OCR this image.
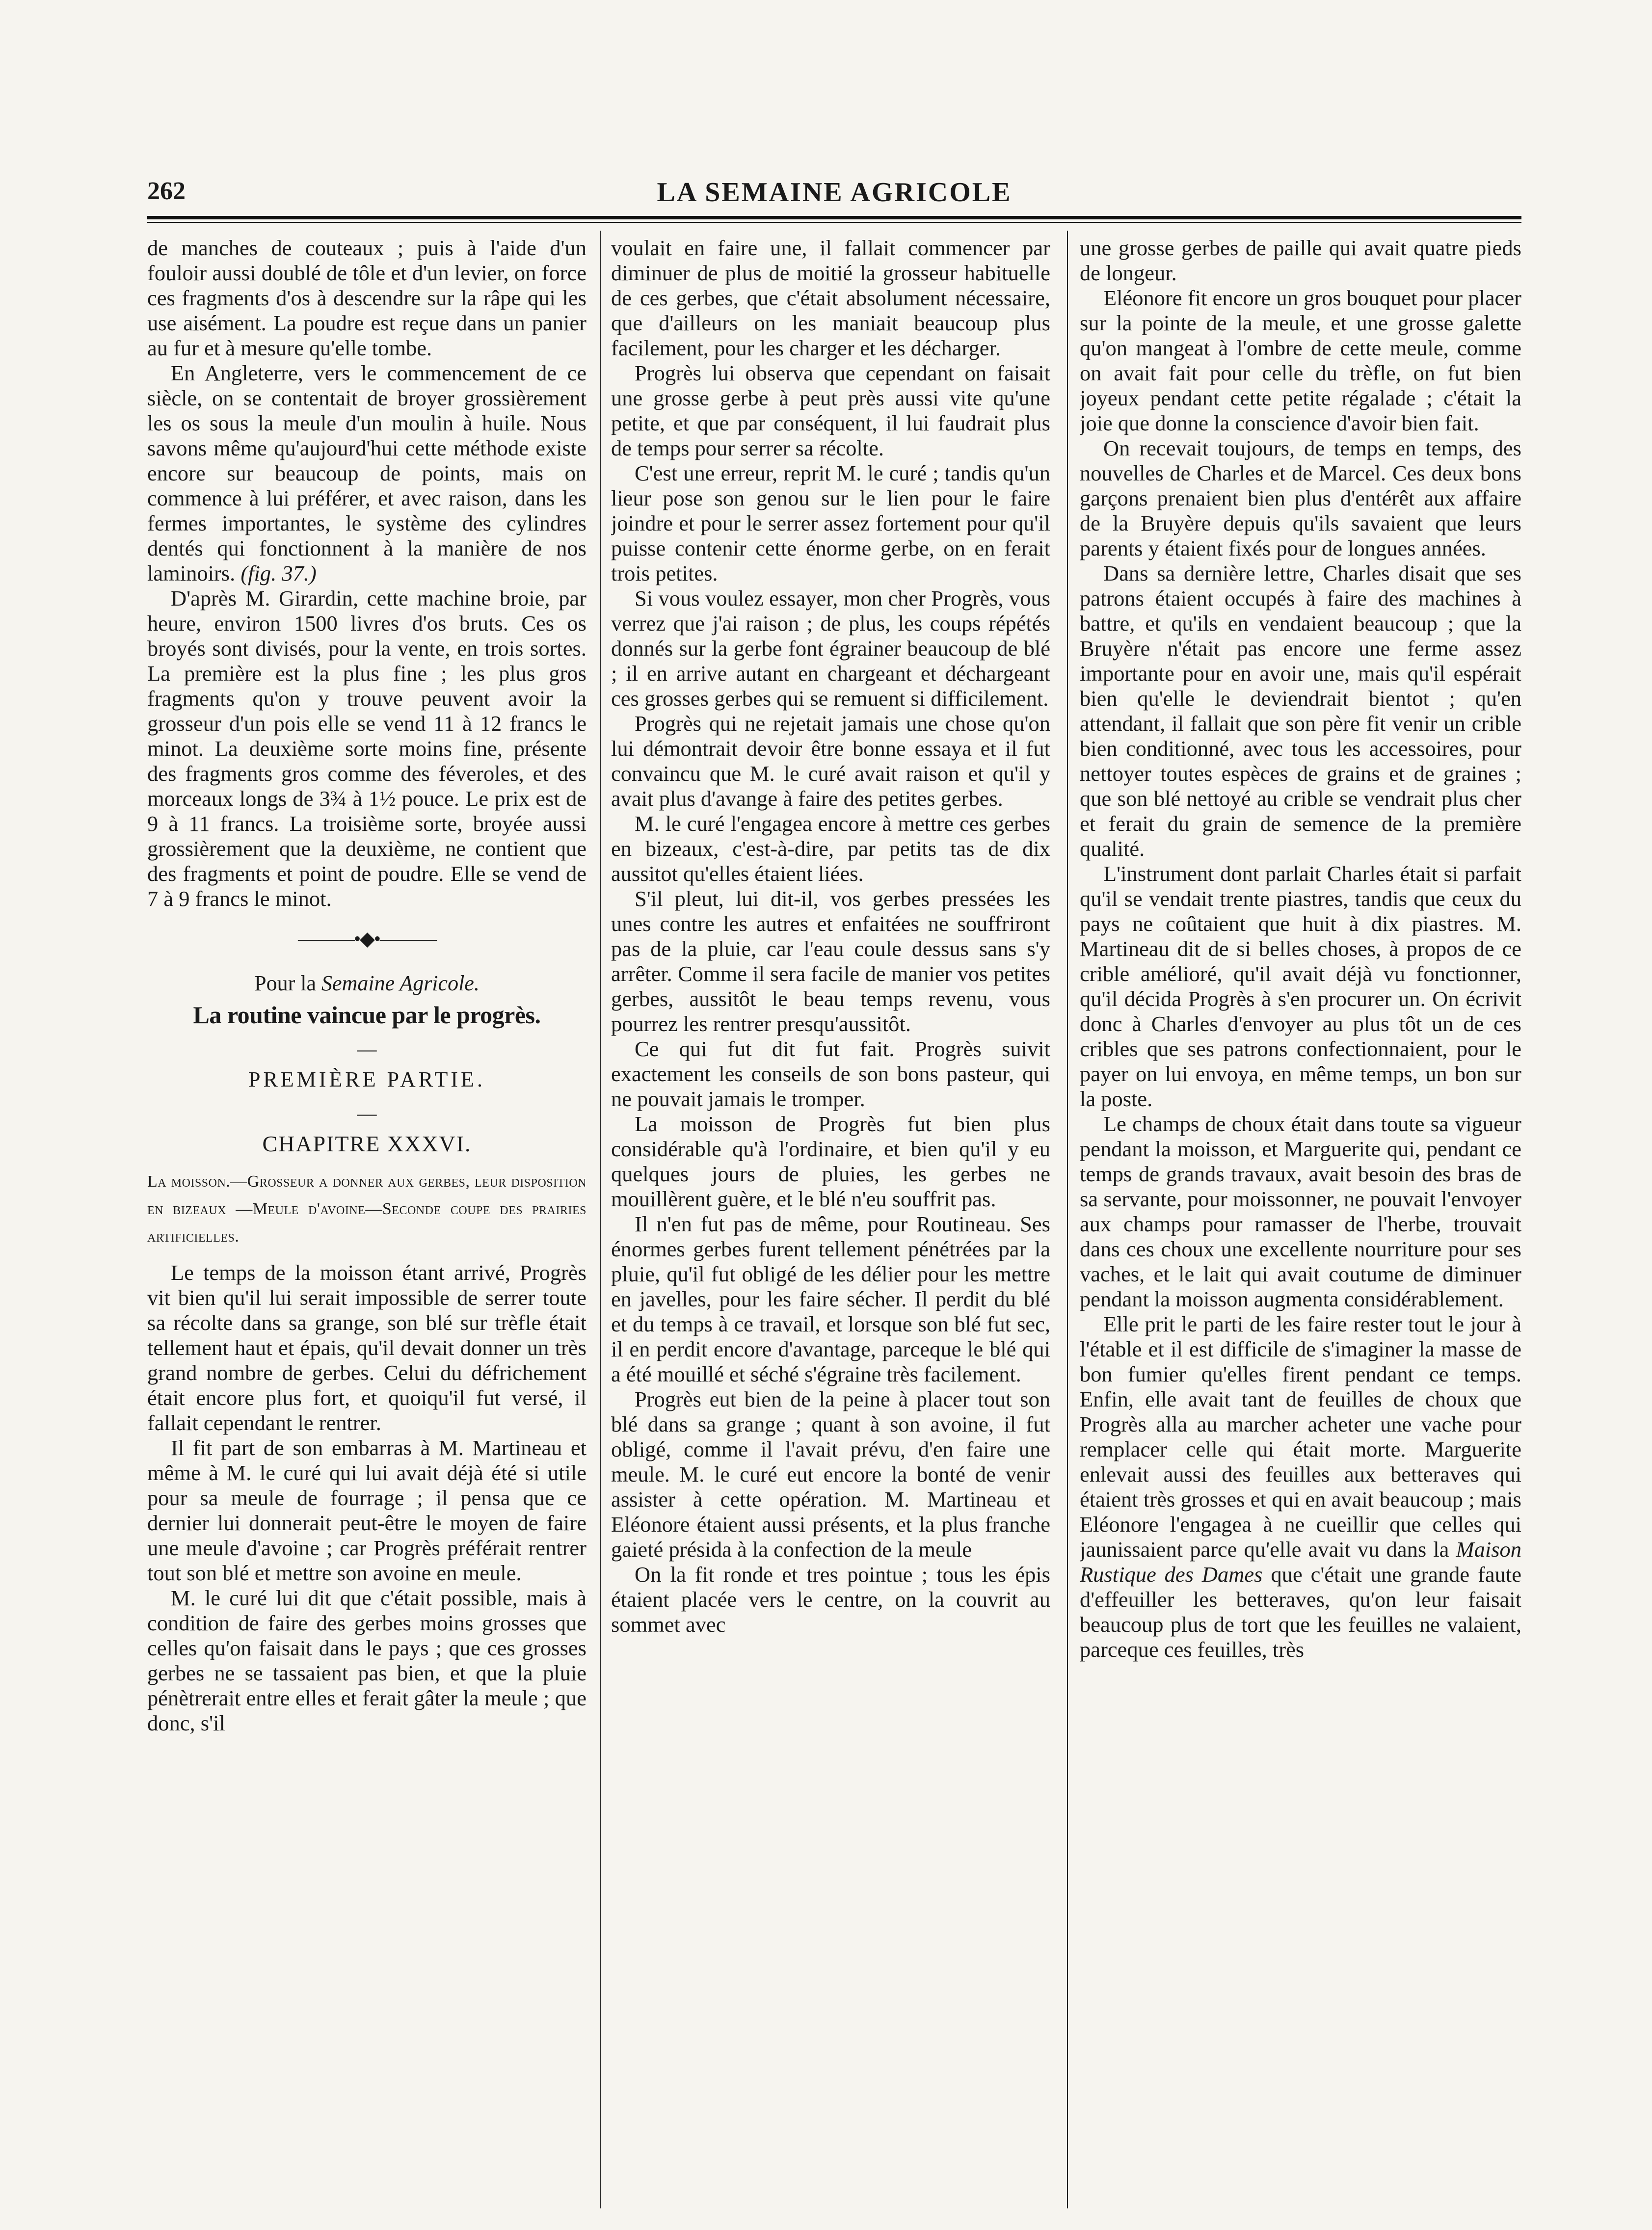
LA SEMAINE AGRICOLE
262

de manches de couteaux ; puis à l'aide d'un fouloir aussi doublé de tôle et d'un levier, on force ces fragments d'os à descendre sur la râpe qui les use aisément. La poudre est reçue dans un panier au fur et à mesure qu'elle tombe.

En Angleterre, vers le commencement de ce siècle, on se contentait de broyer grossièrement les os sous la meule d'un moulin à huile. Nous savons même qu'aujourd'hui cette méthode existe encore sur beaucoup de points, mais on commence à lui préférer, et avec raison, dans les fermes importantes, le système des cylindres dentés qui fonctionnent à la manière de nos laminoirs. (fig. 37.)

D'après M. Girardin, cette machine broie, par heure, environ 1500 livres d'os bruts. Ces os broyés sont divisés, pour la vente, en trois sortes. La première est la plus fine ; les plus gros fragments qu'on y trouve peuvent avoir la grosseur d'un pois elle se vend 11 à 12 francs le minot. La deuxième sorte moins fine, présente des fragments gros comme des féveroles, et des morceaux longs de 3¾ à 1½ pouce. Le prix est de 9 à 11 francs. La troisième sorte, broyée aussi grossièrement que la deuxième, ne contient que des fragments et point de poudre. Elle se vend de 7 à 9 francs le minot.

———•◆•———
Pour la Semaine Agricole.
La routine vaincue par le progrès.
—
PREMIÈRE PARTIE.
—
CHAPITRE XXXVI.
La moisson.—Grosseur a donner aux gerbes, leur disposition en bizeaux —Meule d'avoine—Seconde coupe des prairies artificielles.

Le temps de la moisson étant arrivé, Progrès vit bien qu'il lui serait impossible de serrer toute sa récolte dans sa grange, son blé sur trèfle était tellement haut et épais, qu'il devait donner un très grand nombre de gerbes. Celui du défrichement était encore plus fort, et quoiqu'il fut versé, il fallait cependant le rentrer.

Il fit part de son embarras à M. Martineau et même à M. le curé qui lui avait déjà été si utile pour sa meule de fourrage ; il pensa que ce dernier lui donnerait peut-être le moyen de faire une meule d'avoine ; car Progrès préférait rentrer tout son blé et mettre son avoine en meule.

M. le curé lui dit que c'était possible, mais à condition de faire des gerbes moins grosses que celles qu'on faisait dans le pays ; que ces grosses gerbes ne se tassaient pas bien, et que la pluie pénètrerait entre elles et ferait gâter la meule ; que donc, s'il

voulait en faire une, il fallait commencer par diminuer de plus de moitié la grosseur habituelle de ces gerbes, que c'était absolument nécessaire, que d'ailleurs on les maniait beaucoup plus facilement, pour les charger et les décharger.

Progrès lui observa que cependant on faisait une grosse gerbe à peut près aussi vite qu'une petite, et que par conséquent, il lui faudrait plus de temps pour serrer sa récolte.

C'est une erreur, reprit M. le curé ; tandis qu'un lieur pose son genou sur le lien pour le faire joindre et pour le serrer assez fortement pour qu'il puisse contenir cette énorme gerbe, on en ferait trois petites.

Si vous voulez essayer, mon cher Progrès, vous verrez que j'ai raison ; de plus, les coups répétés donnés sur la gerbe font égrainer beaucoup de blé ; il en arrive autant en chargeant et déchargeant ces grosses gerbes qui se remuent si difficilement.

Progrès qui ne rejetait jamais une chose qu'on lui démontrait devoir être bonne essaya et il fut convaincu que M. le curé avait raison et qu'il y avait plus d'avange à faire des petites gerbes.

M. le curé l'engagea encore à mettre ces gerbes en bizeaux, c'est-à-dire, par petits tas de dix aussitot qu'elles étaient liées.

S'il pleut, lui dit-il, vos gerbes pressées les unes contre les autres et enfaitées ne souffriront pas de la pluie, car l'eau coule dessus sans s'y arrêter. Comme il sera facile de manier vos petites gerbes, aussitôt le beau temps revenu, vous pourrez les rentrer presqu'aussitôt.

Ce qui fut dit fut fait. Progrès suivit exactement les conseils de son bons pasteur, qui ne pouvait jamais le tromper.

La moisson de Progrès fut bien plus considérable qu'à l'ordinaire, et bien qu'il y eu quelques jours de pluies, les gerbes ne mouillèrent guère, et le blé n'eu souffrit pas.

Il n'en fut pas de même, pour Routineau. Ses énormes gerbes furent tellement pénétrées par la pluie, qu'il fut obligé de les délier pour les mettre en javelles, pour les faire sécher. Il perdit du blé et du temps à ce travail, et lorsque son blé fut sec, il en perdit encore d'avantage, parceque le blé qui a été mouillé et séché s'égraine très facilement.

Progrès eut bien de la peine à placer tout son blé dans sa grange ; quant à son avoine, il fut obligé, comme il l'avait prévu, d'en faire une meule. M. le curé eut encore la bonté de venir assister à cette opération. M. Martineau et Eléonore étaient aussi présents, et la plus franche gaieté présida à la confection de la meule

On la fit ronde et tres pointue ; tous les épis étaient placée vers le centre, on la couvrit au sommet avec

une grosse gerbes de paille qui avait quatre pieds de longeur.

Eléonore fit encore un gros bouquet pour placer sur la pointe de la meule, et une grosse galette qu'on mangeat à l'ombre de cette meule, comme on avait fait pour celle du trèfle, on fut bien joyeux pendant cette petite régalade ; c'était la joie que donne la conscience d'avoir bien fait.

On recevait toujours, de temps en temps, des nouvelles de Charles et de Marcel. Ces deux bons garçons prenaient bien plus d'entérêt aux affaire de la Bruyère depuis qu'ils savaient que leurs parents y étaient fixés pour de longues années.

Dans sa dernière lettre, Charles disait que ses patrons étaient occupés à faire des machines à battre, et qu'ils en vendaient beaucoup ; que la Bruyère n'était pas encore une ferme assez importante pour en avoir une, mais qu'il espérait bien qu'elle le deviendrait bientot ; qu'en attendant, il fallait que son père fit venir un crible bien conditionné, avec tous les accessoires, pour nettoyer toutes espèces de grains et de graines ; que son blé nettoyé au crible se vendrait plus cher et ferait du grain de semence de la première qualité.

L'instrument dont parlait Charles était si parfait qu'il se vendait trente piastres, tandis que ceux du pays ne coûtaient que huit à dix piastres. M. Martineau dit de si belles choses, à propos de ce crible amélioré, qu'il avait déjà vu fonctionner, qu'il décida Progrès à s'en procurer un. On écrivit donc à Charles d'envoyer au plus tôt un de ces cribles que ses patrons confectionnaient, pour le payer on lui envoya, en même temps, un bon sur la poste.

Le champs de choux était dans toute sa vigueur pendant la moisson, et Marguerite qui, pendant ce temps de grands travaux, avait besoin des bras de sa servante, pour moissonner, ne pouvait l'envoyer aux champs pour ramasser de l'herbe, trouvait dans ces choux une excellente nourriture pour ses vaches, et le lait qui avait coutume de diminuer pendant la moisson augmenta considérablement.

Elle prit le parti de les faire rester tout le jour à l'étable et il est difficile de s'imaginer la masse de bon fumier qu'elles firent pendant ce temps. Enfin, elle avait tant de feuilles de choux que Progrès alla au marcher acheter une vache pour remplacer celle qui était morte. Marguerite enlevait aussi des feuilles aux betteraves qui étaient très grosses et qui en avait beaucoup ; mais Eléonore l'engagea à ne cueillir que celles qui jaunissaient parce qu'elle avait vu dans la Maison Rustique des Dames que c'était une grande faute d'effeuiller les betteraves, qu'on leur faisait beaucoup plus de tort que les feuilles ne valaient, parceque ces feuilles, très
